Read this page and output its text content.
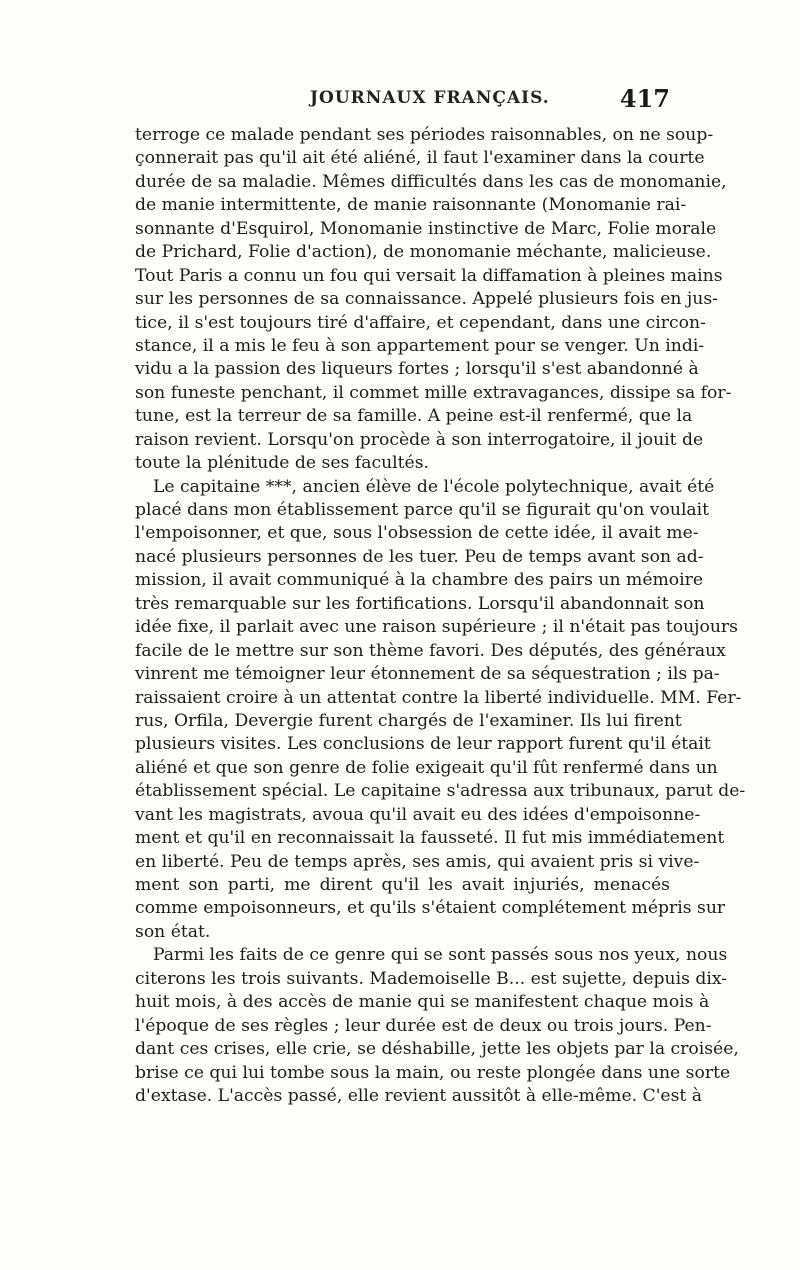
JOURNAUX FRANÇAIS.	417
terroge ce malade pendant ses périodes raisonnables, on ne soup-
çonnerait pas qu'il ait été aliéné, il faut l'examiner dans la courte
durée de sa maladie. Mêmes difficultés dans les cas de monomanie,
de manie intermittente, de manie raisonnante (Monomanie rai-
sonnante d'Esquirol, Monomanie instinctive de Marc, Folie morale
de Prichard, Folie d'action), de monomanie méchante, malicieuse.
Tout Paris a connu un fou qui versait la diffamation à pleines mains
sur les personnes de sa connaissance. Appelé plusieurs fois en jus-
tice, il s'est toujours tiré d'affaire, et cependant, dans une circon-
stance, il a mis le feu à son appartement pour se venger. Un indi-
vidu a la passion des liqueurs fortes ; lorsqu'il s'est abandonné à
son funeste penchant, il commet mille extravagances, dissipe sa for-
tune, est la terreur de sa famille. A peine est-il renfermé, que la
raison revient. Lorsqu'on procède à son interrogatoire, il jouit de
toute la plénitude de ses facultés.
Le capitaine ***, ancien élève de l'école polytechnique, avait été
placé dans mon établissement parce qu'il se figurait qu'on voulait
l'empoisonner, et que, sous l'obsession de cette idée, il avait me-
nacé plusieurs personnes de les tuer. Peu de temps avant son ad-
mission, il avait communiqué à la chambre des pairs un mémoire
très remarquable sur les fortifications. Lorsqu'il abandonnait son
idée fixe, il parlait avec une raison supérieure ; il n'était pas toujours
facile de le mettre sur son thème favori. Des députés, des généraux
vinrent me témoigner leur étonnement de sa séquestration ; ils pa-
raissaient croire à un attentat contre la liberté individuelle. MM. Fer-
rus, Orfila, Devergie furent chargés de l'examiner. Ils lui firent
plusieurs visites. Les conclusions de leur rapport furent qu'il était
aliéné et que son genre de folie exigeait qu'il fût renfermé dans un
établissement spécial. Le capitaine s'adressa aux tribunaux, parut de-
vant les magistrats, avoua qu'il avait eu des idées d'empoisonne-
ment et qu'il en reconnaissait la fausseté. Il fut mis immédiatement
en liberté. Peu de temps après, ses amis, qui avaient pris si vive-
ment son parti, me dirent qu'il les avait injuriés, menacés
comme empoisonneurs, et qu'ils s'étaient complétement mépris sur
son état.
Parmi les faits de ce genre qui se sont passés sous nos yeux, nous
citerons les trois suivants. Mademoiselle B... est sujette, depuis dix-
huit mois, à des accès de manie qui se manifestent chaque mois à
l'époque de ses règles ; leur durée est de deux ou trois jours. Pen-
dant ces crises, elle crie, se déshabille, jette les objets par la croisée,
brise ce qui lui tombe sous la main, ou reste plongée dans une sorte
d'extase. L'accès passé, elle revient aussitôt à elle-même. C'est à
